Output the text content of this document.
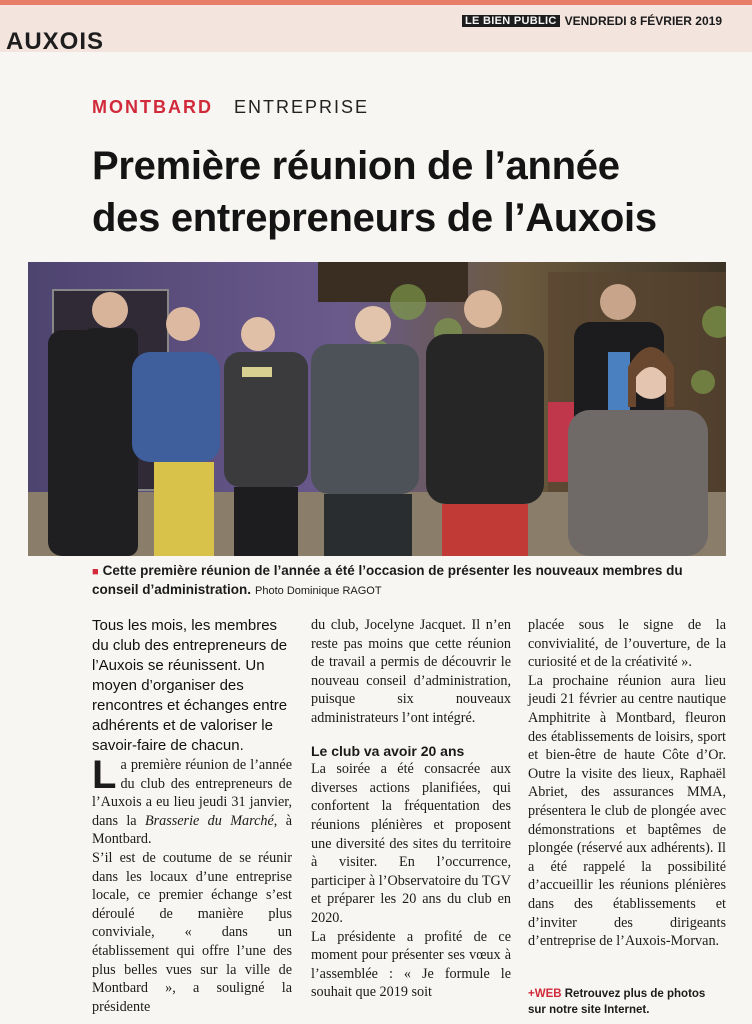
AUXOIS
LE BIEN PUBLIC VENDREDI 8 FÉVRIER 2019
MONTBARD ENTREPRISE
Première réunion de l’année
des entrepreneurs de l’Auxois
■ Cette première réunion de l’année a été l’occasion de présenter les nouveaux membres du conseil d’administration. Photo Dominique RAGOT

Tous les mois, les membres du club des entrepreneurs de l’Auxois se réunissent. Un moyen d’organiser des rencontres et échanges entre adhérents et de valoriser le savoir-faire de chacun.

La première réunion de l’année du club des entrepreneurs de l’Auxois a eu lieu jeudi 31 janvier, dans la Brasserie du Marché, à Montbard.

S’il est de coutume de se réunir dans les locaux d’une entreprise locale, ce premier échange s’est déroulé de manière plus conviviale, « dans un établissement qui offre l’une des plus belles vues sur la ville de Montbard », a souligné la présidente

du club, Jocelyne Jacquet. Il n’en reste pas moins que cette réunion de travail a permis de découvrir le nouveau conseil d’administration, puisque six nouveaux administrateurs l’ont intégré.

Le club va avoir 20 ans

La soirée a été consacrée aux diverses actions planifiées, qui confortent la fréquentation des réunions plénières et proposent une diversité des sites du territoire à visiter. En l’occurrence, participer à l’Observatoire du TGV et préparer les 20 ans du club en 2020.

La présidente a profité de ce moment pour présenter ses vœux à l’assemblée : « Je formule le souhait que 2019 soit

placée sous le signe de la convivialité, de l’ouverture, de la curiosité et de la créativité ».

La prochaine réunion aura lieu jeudi 21 février au centre nautique Amphitrite à Montbard, fleuron des établissements de loisirs, sport et bien-être de haute Côte d’Or. Outre la visite des lieux, Raphaël Abriet, des assurances MMA, présentera le club de plongée avec démonstrations et baptêmes de plongée (réservé aux adhérents). Il a été rappelé la possibilité d’accueillir les réunions plénières dans des établissements et d’inviter des dirigeants d’entreprise de l’Auxois-Morvan.

+WEB Retrouvez plus de photos sur notre site Internet.
